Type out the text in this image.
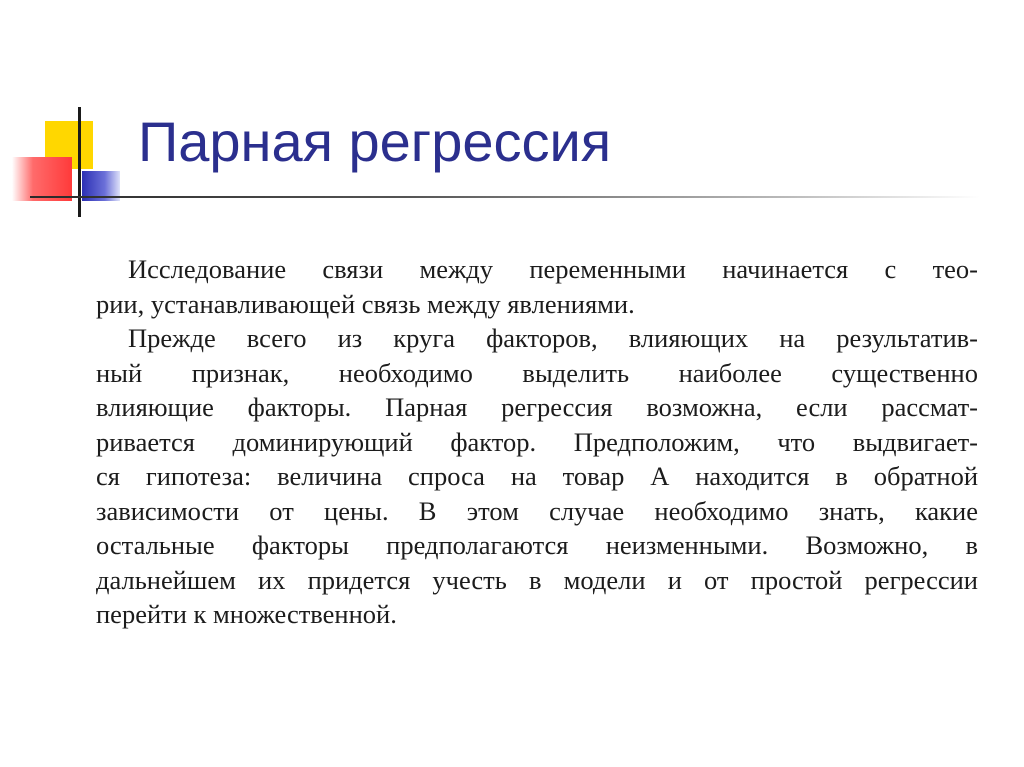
Парная регрессия
Исследование связи между переменными начинается с тео-
рии, устанавливающей связь между явлениями.
Прежде всего из круга факторов, влияющих на результатив-
ный признак, необходимо выделить наиболее существенно
влияющие факторы. Парная регрессия возможна, если рассмат-
ривается доминирующий фактор. Предположим, что выдвигает-
ся гипотеза: величина спроса на товар А находится в обратной
зависимости от цены. В этом случае необходимо знать, какие
остальные факторы предполагаются неизменными. Возможно, в
дальнейшем их придется учесть в модели и от простой регрессии
перейти к множественной.
